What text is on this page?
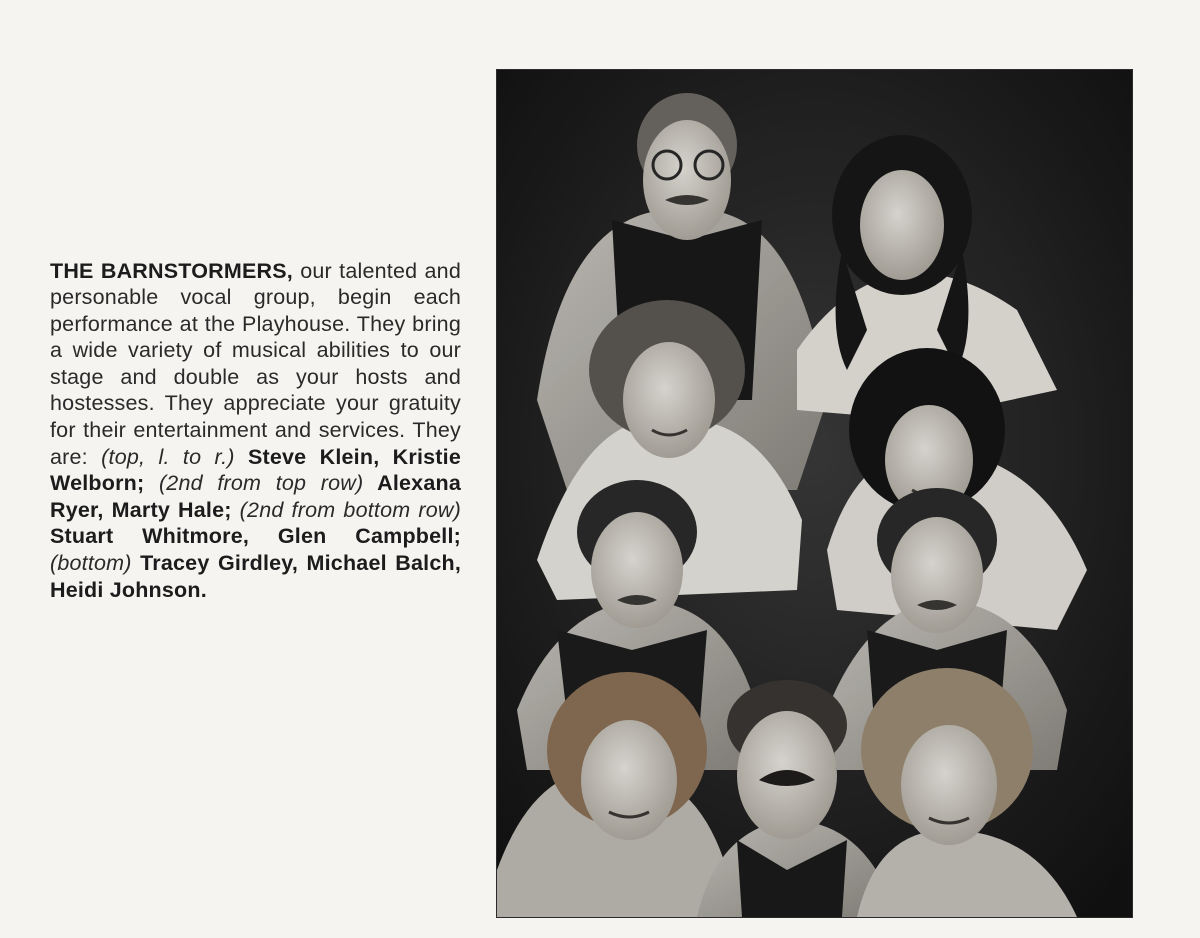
THE BARNSTORMERS, our talented and personable vocal group, begin each performance at the Playhouse. They bring a wide variety of musical abilities to our stage and double as your hosts and hostesses. They appreciate your gratuity for their entertainment and services. They are: (top, l. to r.) Steve Klein, Kristie Welborn; (2nd from top row) Alexana Ryer, Marty Hale; (2nd from bottom row) Stuart Whitmore, Glen Campbell; (bottom) Tracey Girdley, Michael Balch, Heidi Johnson.
